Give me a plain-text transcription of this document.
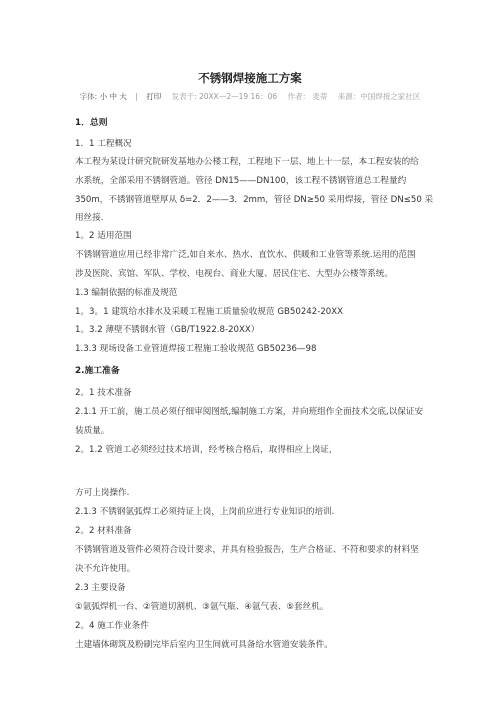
不锈钢焊接施工方案
字体: 小 中 大 | 打印 发表于: 20XX—2—19 16：06 作者： 麦蒂 来源：中国焊接之家社区
1．总则
1．1 工程概况
本工程为某设计研究院研发基地办公楼工程，工程地下一层、地上十一层，本工程安装的给
水系统，全部采用不锈钢管道。管径 DN15——DN100，该工程不锈钢管道总工程量约
350m，不锈钢管道壁厚从 δ=2．2——3．2mm，管径 DN≥50 采用焊接，管径 DN≤50 采
用丝接.
1。2 适用范围
不锈钢管道应用已经非常广泛,如自来水、热水、直饮水、供暖和工业管等系统.运用的范围
涉及医院、宾馆、军队、学校、电视台、商业大厦、居民住宅、大型办公楼等系统。
1.3 编制依据的标准及规范
1。3。1 建筑给水排水及采暖工程施工质量验收规范 GB50242-20XX
1。3.2 薄壁不锈钢水管（GB/T1922.8-20XX）
1.3.3 现场设备工业管道焊接工程施工验收规范 GB50236—98
2.施工准备
2。1 技术准备
2.1.1 开工前，施工员必须仔细审阅图纸,编制施工方案，并向班组作全面技术交底,以保证安
装质量。
2。1.2 管道工必须经过技术培训，经考核合格后，取得相应上岗证，
方可上岗操作.
2.1.3 不锈钢氩弧焊工必须持证上岗，上岗前应进行专业知识的培训.
2。2 材料准备
不锈钢管道及管件必须符合设计要求，并具有检验报告，生产合格证、不符和要求的材料坚
决不允许使用。
2.3 主要设备
①氩弧焊机一台、②管道切割机、③氩气瓶、④氩气表、⑤套丝机。
2。4 施工作业条件
土建墙体砌筑及粉刷完毕后室内卫生间就可具备给水管道安装条件。
